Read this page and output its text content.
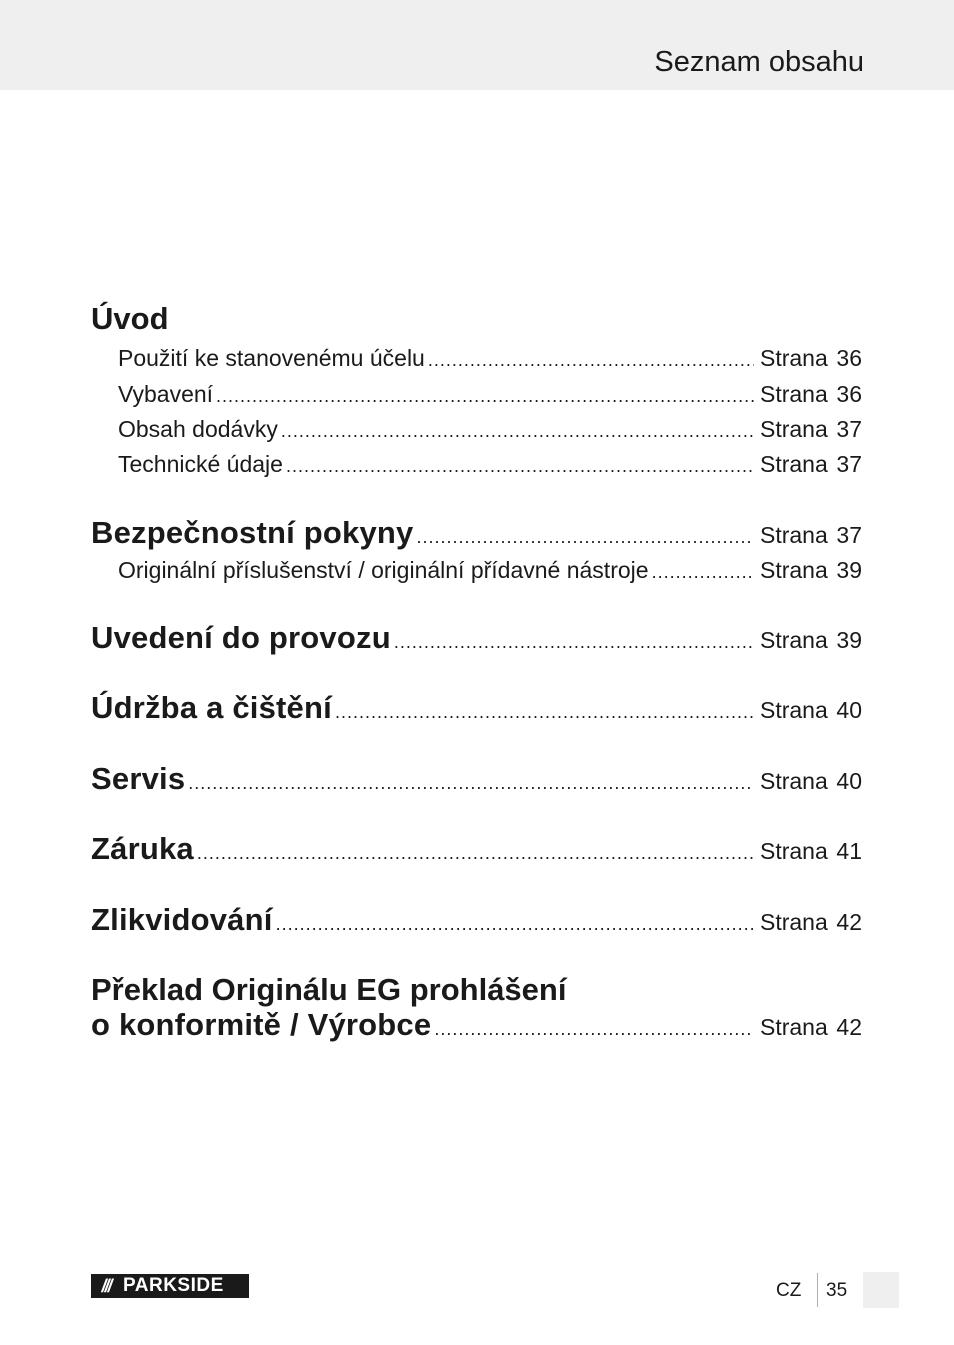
Seznam obsahu
Úvod
Použití ke stanovenému účelu .....	Strana 36
Vybavení .....	Strana 36
Obsah dodávky .....	Strana 37
Technické údaje .....	Strana 37
Bezpečnostní pokyny .....	Strana 37
Originální příslušenství / originální přídavné nástroje .....	Strana 39
Uvedení do provozu .....	Strana 39
Údržba a čištění .....	Strana 40
Servis .....	Strana 40
Záruka .....	Strana 41
Zlikvidování .....	Strana 42
Překlad Originálu EG prohlášení
o konformitě / Výrobce .....	Strana 42
/// PARKSIDE	CZ 35
